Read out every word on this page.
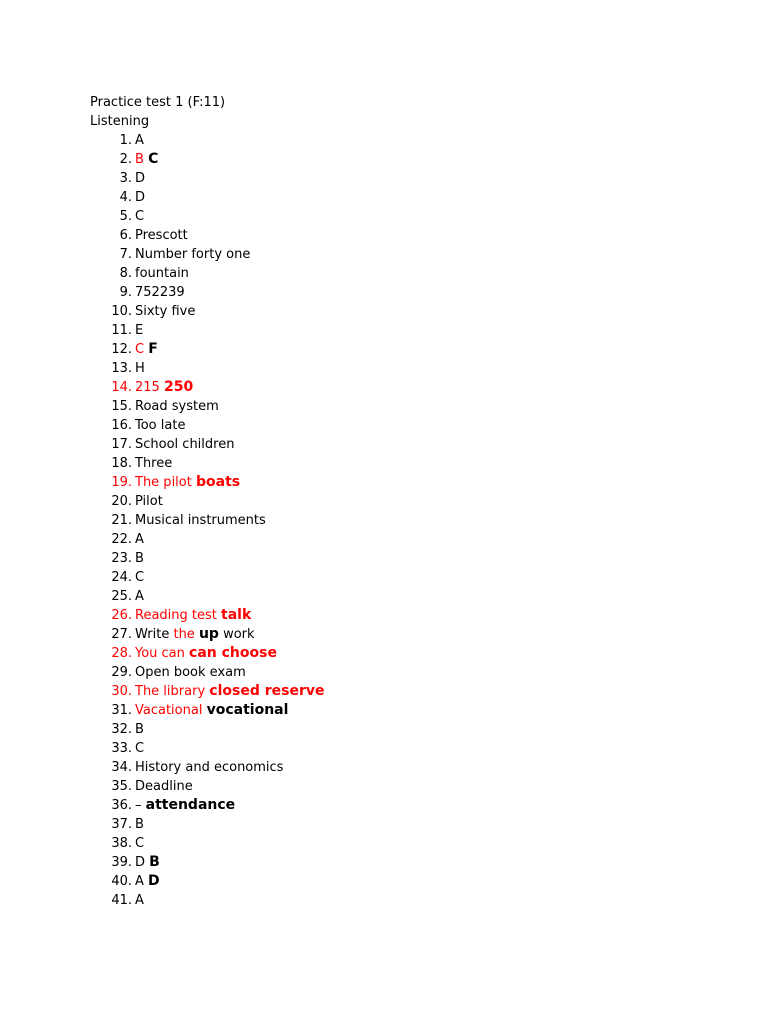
Practice test 1 (F:11)
Listening
1. A
2. B C
3. D
4. D
5. C
6. Prescott
7. Number forty one
8. fountain
9. 752239
10. Sixty five
11. E
12. C F
13. H
14. 215 250
15. Road system
16. Too late
17. School children
18. Three
19. The pilot boats
20. Pilot
21. Musical instruments
22. A
23. B
24. C
25. A
26. Reading test talk
27. Write the up work
28. You can can choose
29. Open book exam
30. The library closed reserve
31. Vacational vocational
32. B
33. C
34. History and economics
35. Deadline
36. – attendance
37. B
38. C
39. D B
40. A D
41. A
